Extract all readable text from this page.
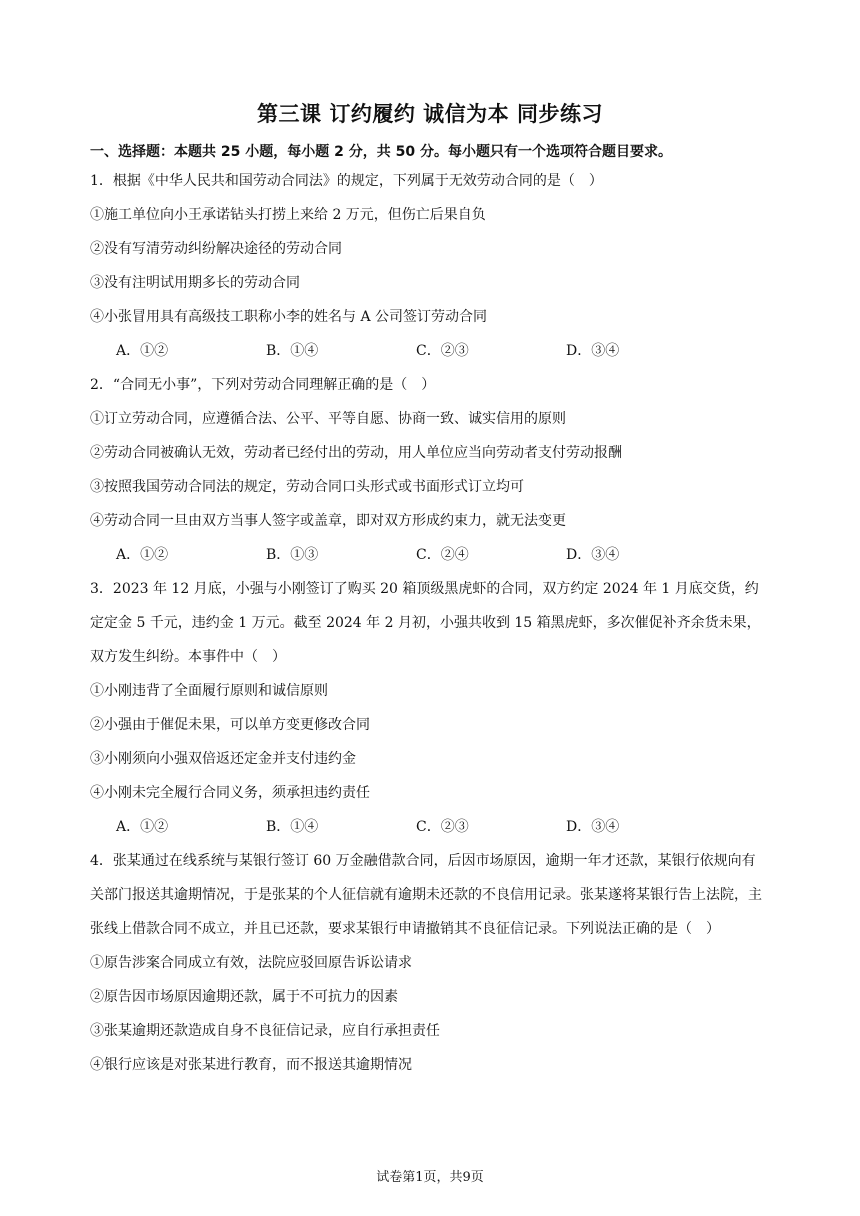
第三课 订约履约 诚信为本 同步练习
一、选择题：本题共 25 小题，每小题 2 分，共 50 分。每小题只有一个选项符合题目要求。
1．根据《中华人民共和国劳动合同法》的规定，下列属于无效劳动合同的是（　）
①施工单位向小王承诺钻头打捞上来给 2 万元，但伤亡后果自负
②没有写清劳动纠纷解决途径的劳动合同
③没有注明试用期多长的劳动合同
④小张冒用具有高级技工职称小李的姓名与 A 公司签订劳动合同
A．①②	B．①④	C．②③	D．③④
2．“合同无小事”，下列对劳动合同理解正确的是（　）
①订立劳动合同，应遵循合法、公平、平等自愿、协商一致、诚实信用的原则
②劳动合同被确认无效，劳动者已经付出的劳动，用人单位应当向劳动者支付劳动报酬
③按照我国劳动合同法的规定，劳动合同口头形式或书面形式订立均可
④劳动合同一旦由双方当事人签字或盖章，即对双方形成约束力，就无法变更
A．①②	B．①③	C．②④	D．③④
3．2023 年 12 月底，小强与小刚签订了购买 20 箱顶级黑虎虾的合同，双方约定 2024 年 1 月底交货，约定定金 5 千元，违约金 1 万元。截至 2024 年 2 月初，小强共收到 15 箱黑虎虾，多次催促补齐余货未果，双方发生纠纷。本事件中（　）
①小刚违背了全面履行原则和诚信原则
②小强由于催促未果，可以单方变更修改合同
③小刚须向小强双倍返还定金并支付违约金
④小刚未完全履行合同义务，须承担违约责任
A．①②	B．①④	C．②③	D．③④
4．张某通过在线系统与某银行签订 60 万金融借款合同，后因市场原因，逾期一年才还款，某银行依规向有关部门报送其逾期情况，于是张某的个人征信就有逾期未还款的不良信用记录。张某遂将某银行告上法院，主张线上借款合同不成立，并且已还款，要求某银行申请撤销其不良征信记录。下列说法正确的是（　）
①原告涉案合同成立有效，法院应驳回原告诉讼请求
②原告因市场原因逾期还款，属于不可抗力的因素
③张某逾期还款造成自身不良征信记录，应自行承担责任
④银行应该是对张某进行教育，而不报送其逾期情况
试卷第1页，共9页
